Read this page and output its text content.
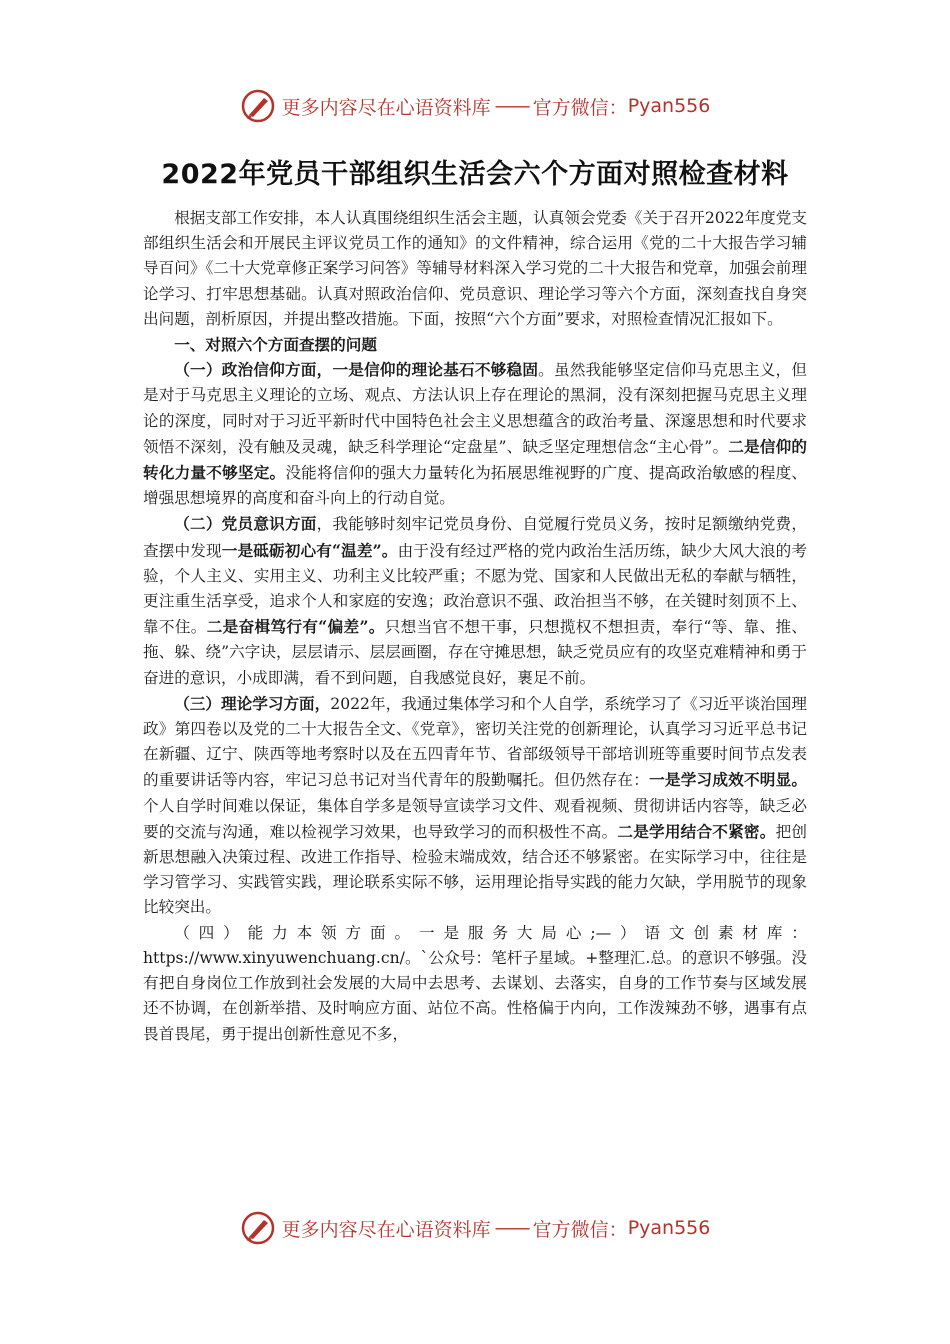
更多内容尽在心语资料库 —— 官方微信： Pyan556
2022年党员干部组织生活会六个方面对照检查材料

根据支部工作安排，本人认真围绕组织生活会主题，认真领会党委《关于召开2022年度党支部组织生活会和开展民主评议党员工作的通知》的文件精神，综合运用《党的二十大报告学习辅导百问》《二十大党章修正案学习问答》等辅导材料深入学习党的二十大报告和党章，加强会前理论学习、打牢思想基础。认真对照政治信仰、党员意识、理论学习等六个方面，深刻查找自身突出问题，剖析原因，并提出整改措施。下面，按照“六个方面”要求，对照检查情况汇报如下。

一、对照六个方面查摆的问题

（一）政治信仰方面，一是信仰的理论基石不够稳固。虽然我能够坚定信仰马克思主义，但是对于马克思主义理论的立场、观点、方法认识上存在理论的黑洞，没有深刻把握马克思主义理论的深度，同时对于习近平新时代中国特色社会主义思想蕴含的政治考量、深邃思想和时代要求领悟不深刻，没有触及灵魂，缺乏科学理论“定盘星”、缺乏坚定理想信念“主心骨”。二是信仰的转化力量不够坚定。没能将信仰的强大力量转化为拓展思维视野的广度、提高政治敏感的程度、增强思想境界的高度和奋斗向上的行动自觉。

（二）党员意识方面，我能够时刻牢记党员身份、自觉履行党员义务，按时足额缴纳党费，查摆中发现一是砥砺初心有“温差”。由于没有经过严格的党内政治生活历练，缺少大风大浪的考验，个人主义、实用主义、功利主义比较严重；不愿为党、国家和人民做出无私的奉献与牺牲，更注重生活享受，追求个人和家庭的安逸；政治意识不强、政治担当不够，在关键时刻顶不上、靠不住。二是奋楫笃行有“偏差”。只想当官不想干事，只想揽权不想担责，奉行“等、靠、推、拖、躲、绕”六字诀，层层请示、层层画圈，存在守摊思想，缺乏党员应有的攻坚克难精神和勇于奋进的意识，小成即满，看不到问题，自我感觉良好，裹足不前。

（三）理论学习方面，2022年，我通过集体学习和个人自学，系统学习了《习近平谈治国理政》第四卷以及党的二十大报告全文、《党章》，密切关注党的创新理论，认真学习习近平总书记在新疆、辽宁、陕西等地考察时以及在五四青年节、省部级领导干部培训班等重要时间节点发表的重要讲话等内容，牢记习总书记对当代青年的殷勤嘱托。但仍然存在：一是学习成效不明显。个人自学时间难以保证，集体自学多是领导宣读学习文件、观看视频、贯彻讲话内容等，缺乏必要的交流与沟通，难以检视学习效果，也导致学习的而积极性不高。二是学用结合不紧密。把创新思想融入决策过程、改进工作指导、检验末端成效，结合还不够紧密。在实际学习中，往往是学习管学习、实践管实践，理论联系实际不够，运用理论指导实践的能力欠缺，学用脱节的现象比较突出。

（四）能力本领方面。一是服务大局心;—）语文创素材库：https://www.xinyuwenchuang.cn/。`公众号：笔杆子星域。+整理汇.总。的意识不够强。没有把自身岗位工作放到社会发展的大局中去思考、去谋划、去落实，自身的工作节奏与区域发展还不协调，在创新举措、及时响应方面、站位不高。性格偏于内向，工作泼辣劲不够，遇事有点畏首畏尾，勇于提出创新性意见不多，

更多内容尽在心语资料库 —— 官方微信： Pyan556
